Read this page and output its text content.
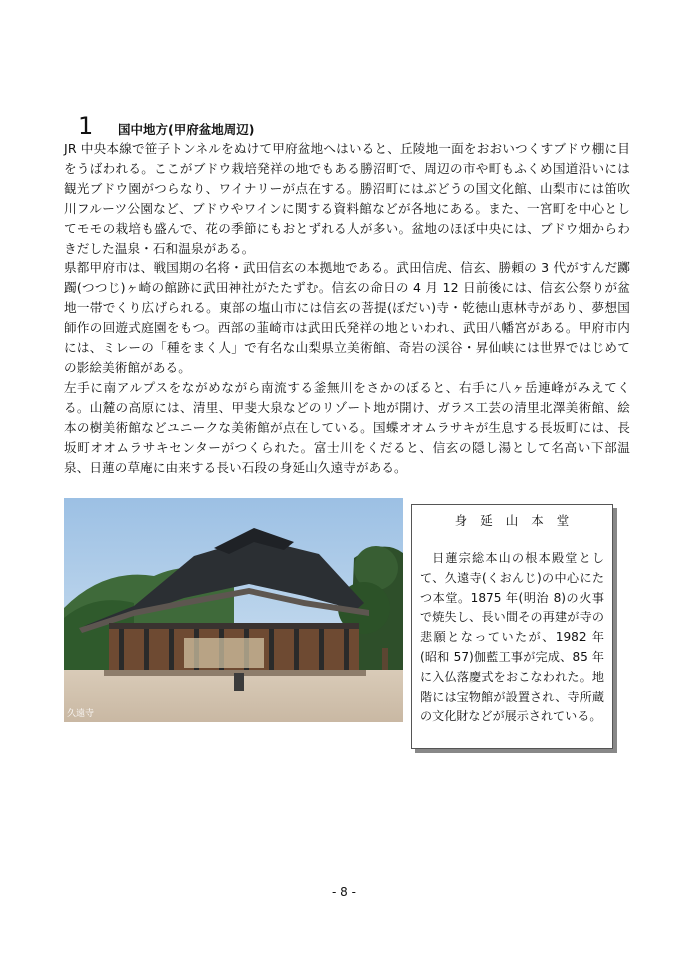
1	国中地方(甲府盆地周辺)

JR 中央本線で笹子トンネルをぬけて甲府盆地へはいると、丘陵地一面をおおいつくすブドウ棚に目をうばわれる。ここがブドウ栽培発祥の地でもある勝沼町で、周辺の市や町もふくめ国道沿いには観光ブドウ園がつらなり、ワイナリーが点在する。勝沼町にはぶどうの国文化館、山梨市には笛吹川フルーツ公園など、ブドウやワインに関する資料館などが各地にある。また、一宮町を中心としてモモの栽培も盛んで、花の季節にもおとずれる人が多い。盆地のほぼ中央には、ブドウ畑からわきだした温泉・石和温泉がある。

県都甲府市は、戦国期の名将・武田信玄の本拠地である。武田信虎、信玄、勝頼の 3 代がすんだ躑躅(つつじ)ヶ崎の館跡に武田神社がたたずむ。信玄の命日の 4 月 12 日前後には、信玄公祭りが盆地一帯でくり広げられる。東部の塩山市には信玄の菩提(ぼだい)寺・乾徳山恵林寺があり、夢想国師作の回遊式庭園をもつ。西部の韮崎市は武田氏発祥の地といわれ、武田八幡宮がある。甲府市内には、ミレーの「種をまく人」で有名な山梨県立美術館、奇岩の渓谷・昇仙峡には世界ではじめての影絵美術館がある。

左手に南アルプスをながめながら南流する釜無川をさかのぼると、右手に八ヶ岳連峰がみえてくる。山麓の高原には、清里、甲斐大泉などのリゾート地が開け、ガラス工芸の清里北澤美術館、絵本の樹美術館などユニークな美術館が点在している。国蝶オオムラサキが生息する長坂町には、長坂町オオムラサキセンターがつくられた。富士川をくだると、信玄の隠し湯として名高い下部温泉、日蓮の草庵に由来する長い石段の身延山久遠寺がある。

久遠寺
身延山本堂
日蓮宗総本山の根本殿堂として、久遠寺(くおんじ)の中心にたつ本堂。1875 年(明治 8)の火事で焼失し、長い間その再建が寺の悲願となっていたが、1982 年(昭和 57)伽藍工事が完成、85 年に入仏落慶式をおこなわれた。地階には宝物館が設置され、寺所蔵の文化財などが展示されている。
- 8 -
